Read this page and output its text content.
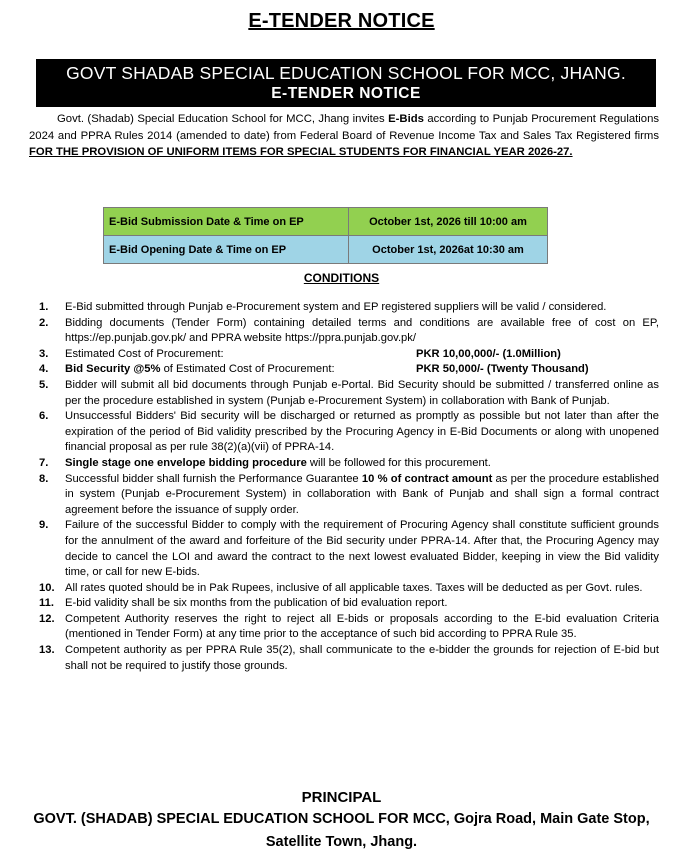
E-TENDER NOTICE
GOVT SHADAB SPECIAL EDUCATION SCHOOL FOR MCC, JHANG.
E-TENDER NOTICE
Govt. (Shadab) Special Education School for MCC, Jhang invites E-Bids according to Punjab Procurement Regulations 2024 and PPRA Rules 2014 (amended to date) from Federal Board of Revenue Income Tax and Sales Tax Registered firms FOR THE PROVISION OF UNIFORM ITEMS FOR SPECIAL STUDENTS FOR FINANCIAL YEAR 2026-27.
E-Bid Submission Date & Time on EP	October 1st, 2026 till 10:00 am
E-Bid Opening Date & Time on EP	October 1st, 2026at 10:30 am
CONDITIONS
1. E-Bid submitted through Punjab e-Procurement system and EP registered suppliers will be valid / considered.
2. Bidding documents (Tender Form) containing detailed terms and conditions are available free of cost on EP, https://ep.punjab.gov.pk/ and PPRA website https://ppra.punjab.gov.pk/
3. Estimated Cost of Procurement:	PKR 10,00,000/- (1.0Million)
4. Bid Security @5% of Estimated Cost of Procurement:	PKR 50,000/- (Twenty Thousand)
5. Bidder will submit all bid documents through Punjab e-Portal. Bid Security should be submitted / transferred online as per the procedure established in system (Punjab e-Procurement System) in collaboration with Bank of Punjab.
6. Unsuccessful Bidders' Bid security will be discharged or returned as promptly as possible but not later than after the expiration of the period of Bid validity prescribed by the Procuring Agency in E-Bid Documents or along with unopened financial proposal as per rule 38(2)(a)(vii) of PPRA-14.
7. Single stage one envelope bidding procedure will be followed for this procurement.
8. Successful bidder shall furnish the Performance Guarantee 10 % of contract amount as per the procedure established in system (Punjab e-Procurement System) in collaboration with Bank of Punjab and shall sign a formal contract agreement before the issuance of supply order.
9. Failure of the successful Bidder to comply with the requirement of Procuring Agency shall constitute sufficient grounds for the annulment of the award and forfeiture of the Bid security under PPRA-14. After that, the Procuring Agency may decide to cancel the LOI and award the contract to the next lowest evaluated Bidder, keeping in view the Bid validity time, or call for new E-bids.
10. All rates quoted should be in Pak Rupees, inclusive of all applicable taxes. Taxes will be deducted as per Govt. rules.
11. E-bid validity shall be six months from the publication of bid evaluation report.
12. Competent Authority reserves the right to reject all E-bids or proposals according to the E-bid evaluation Criteria (mentioned in Tender Form) at any time prior to the acceptance of such bid according to PPRA Rule 35.
13. Competent authority as per PPRA Rule 35(2), shall communicate to the e-bidder the grounds for rejection of E-bid but shall not be required to justify those grounds.
PRINCIPAL
GOVT. (SHADAB) SPECIAL EDUCATION SCHOOL FOR MCC, Gojra Road, Main Gate Stop, Satellite Town, Jhang.
